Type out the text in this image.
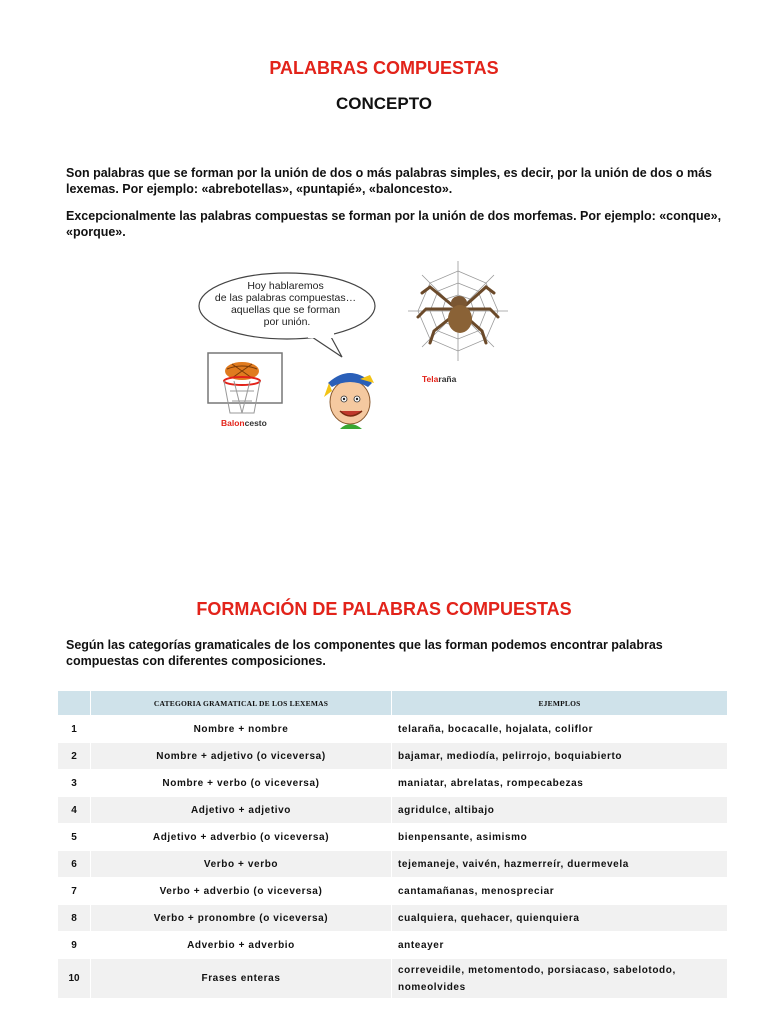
PALABRAS COMPUESTAS
CONCEPTO

Son palabras que se forman por la unión de dos o más palabras simples, es decir, por la unión de dos o más lexemas. Por ejemplo: «abrebotellas», «puntapié», «baloncesto».

Excepcionalmente las palabras compuestas se forman por la unión de dos morfemas. Por ejemplo: «conque», «porque».

Hoy hablaremos de las palabras compuestas… aquellas que se forman por unión.
Baloncesto
Telaraña
FORMACIÓN DE PALABRAS COMPUESTAS

Según las categorías gramaticales de los componentes que las forman podemos encontrar palabras compuestas con diferentes composiciones.

	CATEGORIA GRAMATICAL DE LOS LEXEMAS	EJEMPLOS
1	Nombre + nombre	telaraña, bocacalle, hojalata, coliflor
2	Nombre + adjetivo (o viceversa)	bajamar, mediodía, pelirrojo, boquiabierto
3	Nombre + verbo (o viceversa)	maniatar, abrelatas, rompecabezas
4	Adjetivo + adjetivo	agridulce, altibajo
5	Adjetivo + adverbio (o viceversa)	bienpensante, asimismo
6	Verbo + verbo	tejemaneje, vaivén, hazmerreír, duermevela
7	Verbo + adverbio (o viceversa)	cantamañanas, menospreciar
8	Verbo + pronombre (o viceversa)	cualquiera, quehacer, quienquiera
9	Adverbio + adverbio	anteayer
10	Frases enteras	correveidile, metomentodo, porsiacaso, sabelotodo, nomeolvides
